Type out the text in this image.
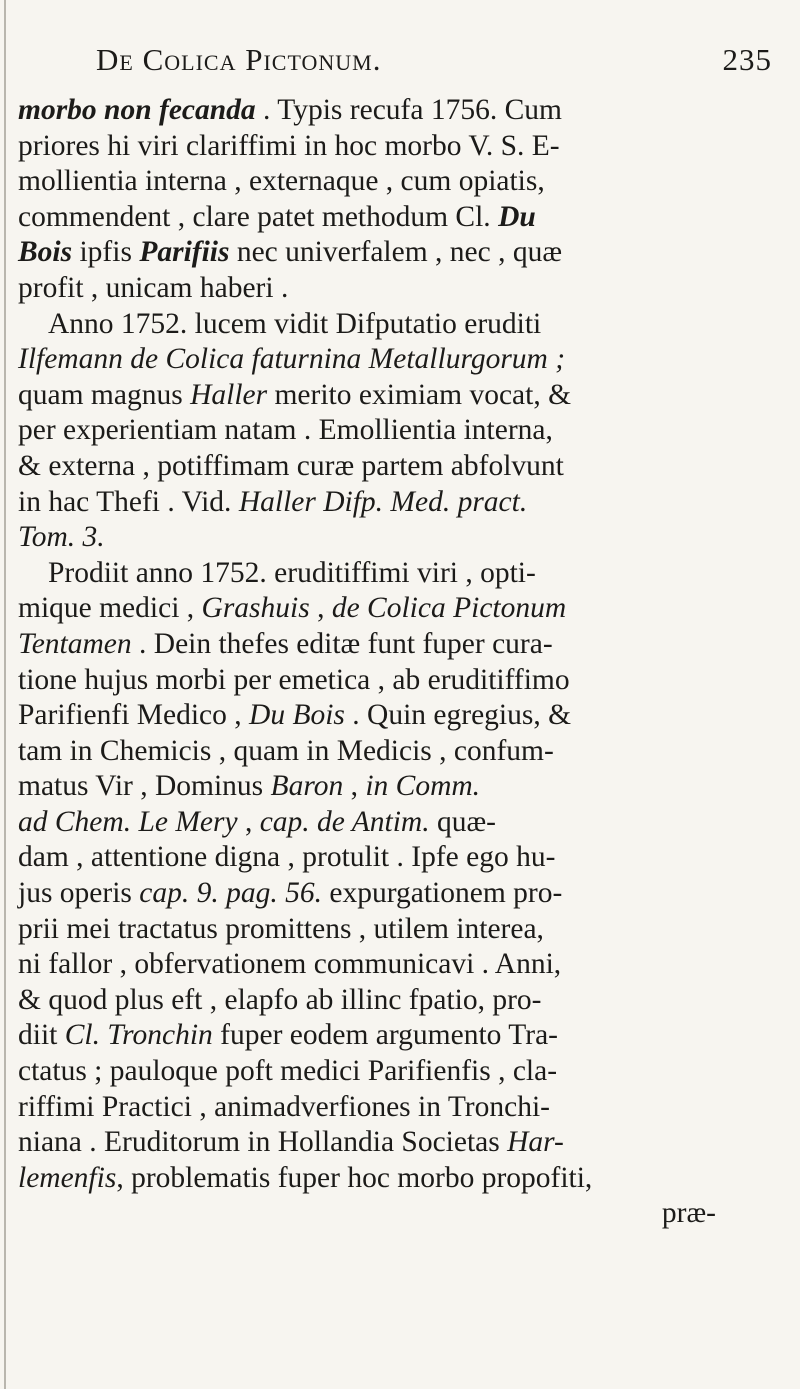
De Colica Pictonum.	235
morbo non fecanda . Typis recufa 1756. Cum
priores hi viri clariffimi in hoc morbo V. S. E-
mollientia interna , externaque , cum opiatis,
commendent , clare patet methodum Cl. Du
Bois ipfis Parifiis nec univerfalem , nec , quæ
profit , unicam haberi .
Anno 1752. lucem vidit Difputatio eruditi
Ilfemann de Colica faturnina Metallurgorum ;
quam magnus Haller merito eximiam vocat, &
per experientiam natam . Emollientia interna,
& externa , potiffimam curæ partem abfolvunt
in hac Thefi . Vid. Haller Difp. Med. pract.
Tom. 3.
Prodiit anno 1752. eruditiffimi viri , opti-
mique medici , Grashuis , de Colica Pictonum
Tentamen . Dein thefes editæ funt fuper cura-
tione hujus morbi per emetica , ab eruditiffimo
Parifienfi Medico , Du Bois . Quin egregius, &
tam in Chemicis , quam in Medicis , confum-
matus Vir , Dominus Baron , in Comm.
ad Chem. Le Mery , cap. de Antim. quæ-
dam , attentione digna , protulit . Ipfe ego hu-
jus operis cap. 9. pag. 56. expurgationem pro-
prii mei tractatus promittens , utilem interea,
ni fallor , obfervationem communicavi . Anni,
& quod plus eft , elapfo ab illinc fpatio, pro-
diit Cl. Tronchin fuper eodem argumento Tra-
ctatus ; pauloque poft medici Parifienfis , cla-
riffimi Practici , animadverfiones in Tronchi-
niana . Eruditorum in Hollandia Societas Har-
lemenfis, problematis fuper hoc morbo propofiti,
præ-
